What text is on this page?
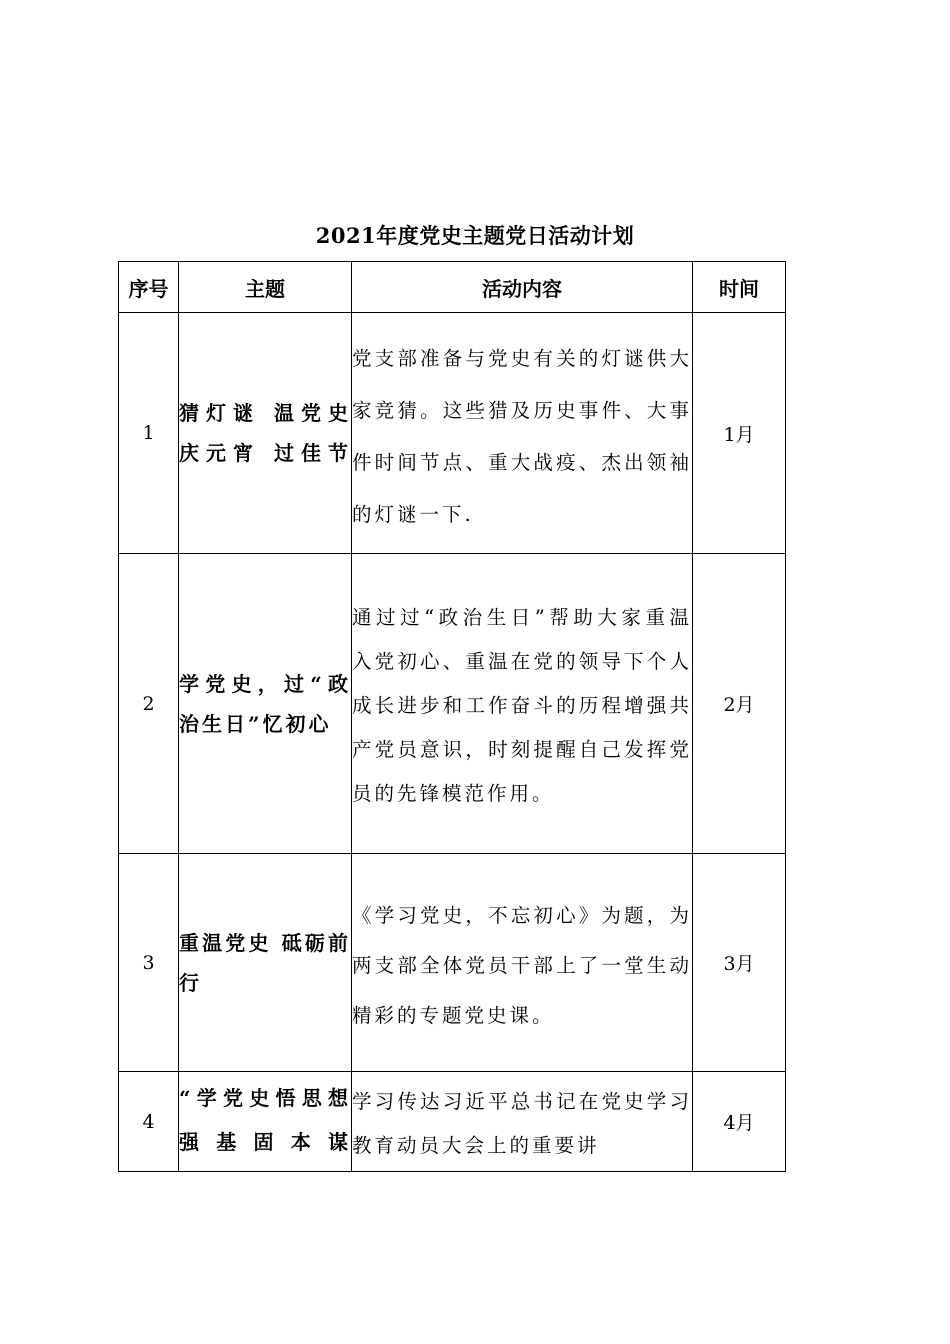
2021年度党史主题党日活动计划
序号	主题	活动内容	时间
1	猜灯谜 温党史 庆元宵 过佳节	党支部准备与党史有关的灯谜供大家竞猜。这些猎及历史事件、大事件时间节点、重大战疫、杰出领袖的灯谜一下.	1月
2	学党史，过“政治生日”忆初心	通过过“政治生日”帮助大家重温入党初心、重温在党的领导下个人成长进步和工作奋斗的历程增强共产党员意识，时刻提醒自己发挥党员的先锋模范作用。	2月
3	重温党史 砥砺前行	《学习党史，不忘初心》为题，为两支部全体党员干部上了一堂生动精彩的专题党史课。	3月
4	“学党史悟思想 强基固本谋	学习传达习近平总书记在党史学习教育动员大会上的重要讲	4月
